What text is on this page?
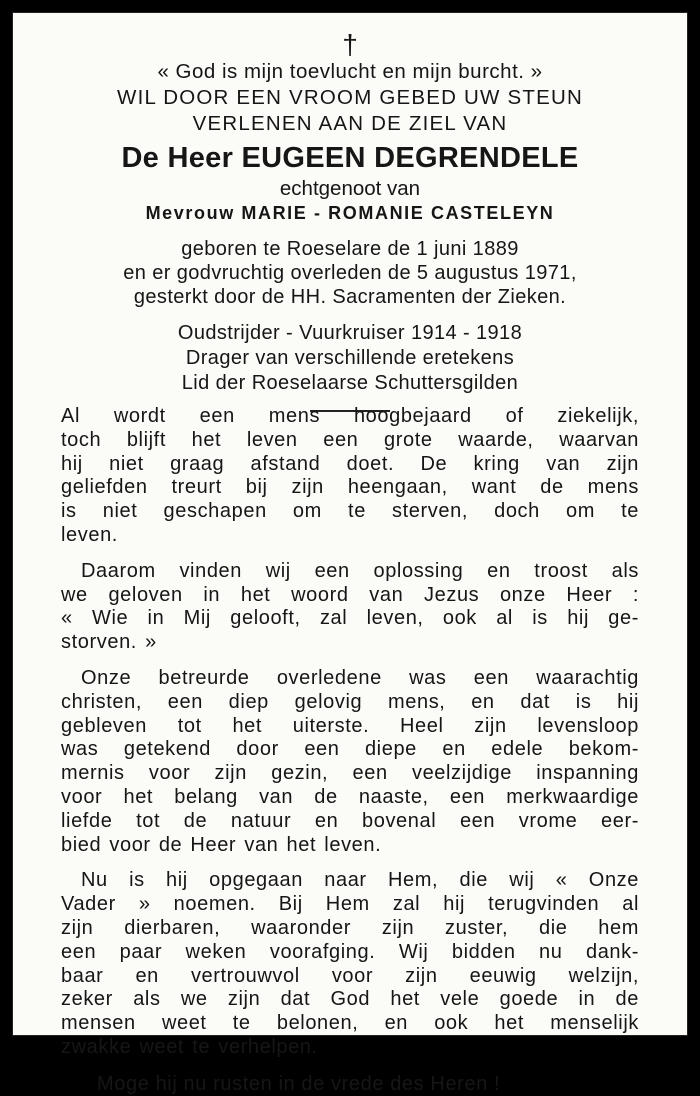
†
« God is mijn toevlucht en mijn burcht. »
WIL DOOR EEN VROOM GEBED UW STEUN
VERLENEN AAN DE ZIEL VAN
De Heer EUGEEN DEGRENDELE
echtgenoot van
Mevrouw MARIE - ROMANIE CASTELEYN
geboren te Roeselare de 1 juni 1889
en er godvruchtig overleden de 5 augustus 1971,
gesterkt door de HH. Sacramenten der Zieken.
Oudstrijder - Vuurkruiser 1914 - 1918
Drager van verschillende eretekens
Lid der Roeselaarse Schuttersgilden
Al wordt een mens hoogbejaard of ziekelijk,
toch blijft het leven een grote waarde, waarvan
hij niet graag afstand doet. De kring van zijn
geliefden treurt bij zijn heengaan, want de mens
is niet geschapen om te sterven, doch om te
leven.
Daarom vinden wij een oplossing en troost als
we geloven in het woord van Jezus onze Heer :
« Wie in Mij gelooft, zal leven, ook al is hij ge-
storven. »
Onze betreurde overledene was een waarachtig
christen, een diep gelovig mens, en dat is hij
gebleven tot het uiterste. Heel zijn levensloop
was getekend door een diepe en edele bekom-
mernis voor zijn gezin, een veelzijdige inspanning
voor het belang van de naaste, een merkwaardige
liefde tot de natuur en bovenal een vrome eer-
bied voor de Heer van het leven.
Nu is hij opgegaan naar Hem, die wij « Onze
Vader » noemen. Bij Hem zal hij terugvinden al
zijn dierbaren, waaronder zijn zuster, die hem
een paar weken voorafging. Wij bidden nu dank-
baar en vertrouwvol voor zijn eeuwig welzijn,
zeker als we zijn dat God het vele goede in de
mensen weet te belonen, en ook het menselijk
zwakke weet te verhelpen.
Moge hij nu rusten in de vrede des Heren !
